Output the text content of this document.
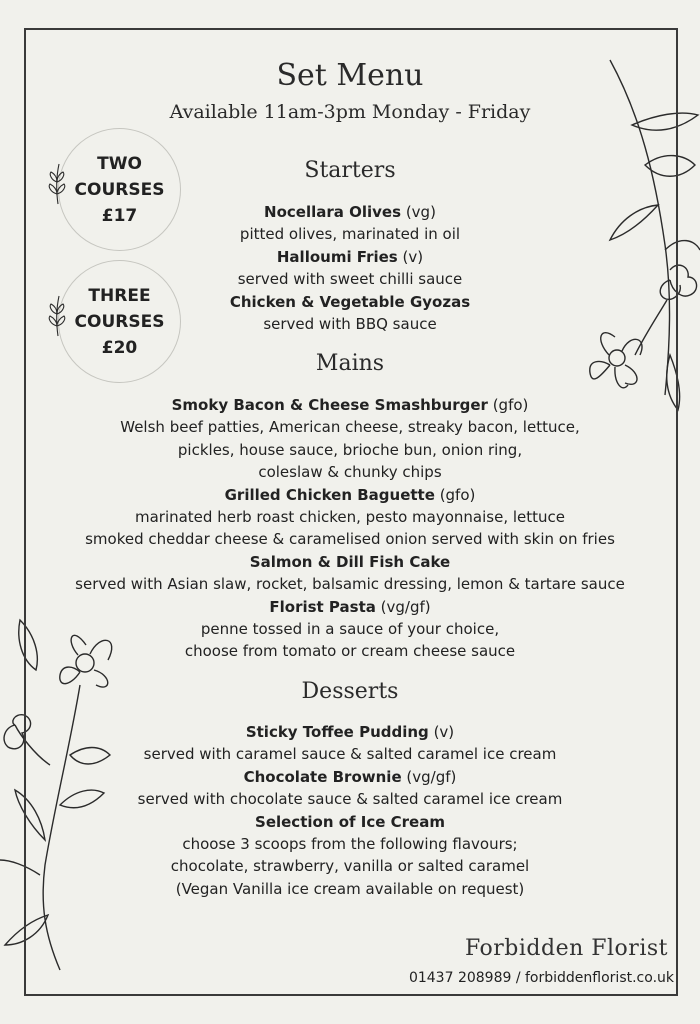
Set Menu
Available 11am-3pm Monday - Friday
TWO
COURSES
£17
THREE
COURSES
£20
Starters
Nocellara Olives (vg)
pitted olives, marinated in oil
Halloumi Fries (v)
served with sweet chilli sauce
Chicken & Vegetable Gyozas
served with BBQ sauce
Mains
Smoky Bacon & Cheese Smashburger (gfo)
Welsh beef patties, American cheese, streaky bacon, lettuce,
pickles, house sauce, brioche bun, onion ring,
coleslaw & chunky chips
Grilled Chicken Baguette (gfo)
marinated herb roast chicken, pesto mayonnaise, lettuce
smoked cheddar cheese & caramelised onion served with skin on fries
Salmon & Dill Fish Cake
served with Asian slaw, rocket, balsamic dressing, lemon & tartare sauce
Florist Pasta (vg/gf)
penne tossed in a sauce of your choice,
choose from tomato or cream cheese sauce
Desserts
Sticky Toffee Pudding (v)
served with caramel sauce & salted caramel ice cream
Chocolate Brownie (vg/gf)
served with chocolate sauce & salted caramel ice cream
Selection of Ice Cream
choose 3 scoops from the following flavours;
chocolate, strawberry, vanilla or salted caramel
(Vegan Vanilla ice cream available on request)
Forbidden Florist
01437 208989 / forbiddenflorist.co.uk
